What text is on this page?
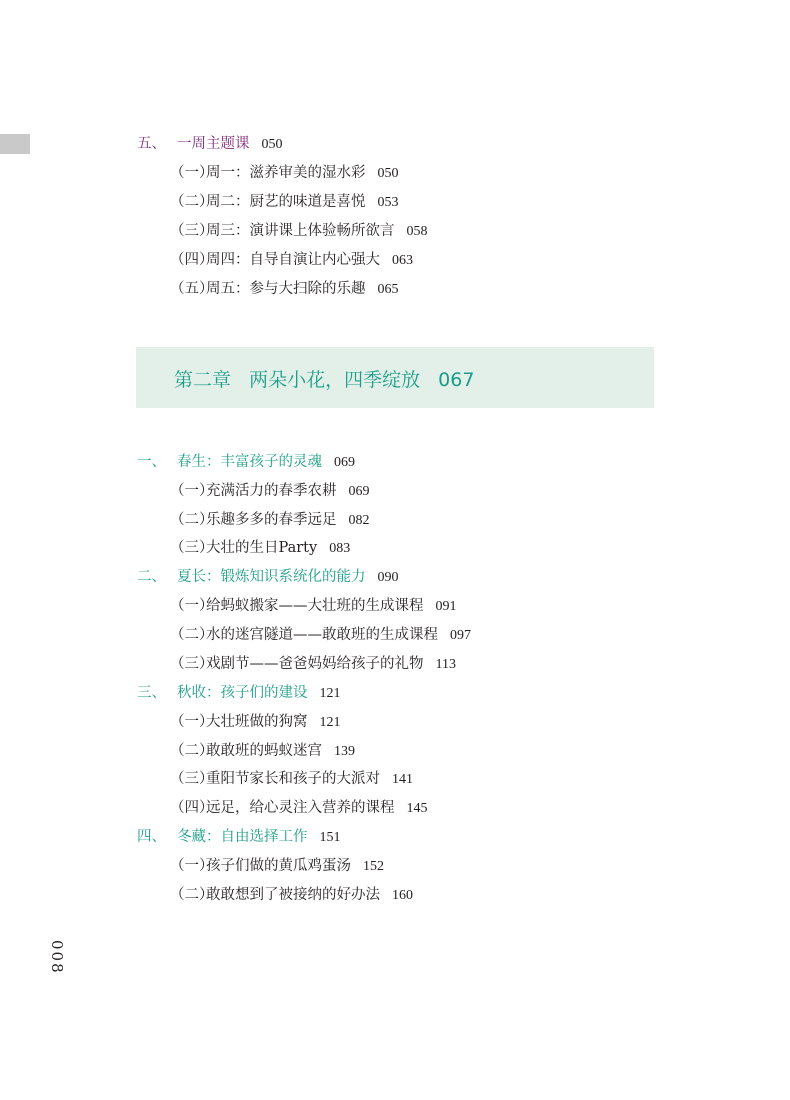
008
五、 一周主题课 050
（一）周一：滋养审美的湿水彩 050
（二）周二：厨艺的味道是喜悦 053
（三）周三：演讲课上体验畅所欲言 058
（四）周四：自导自演让内心强大 063
（五）周五：参与大扫除的乐趣 065
第二章 两朵小花，四季绽放 067
一、 春生：丰富孩子的灵魂 069
（一）充满活力的春季农耕 069
（二）乐趣多多的春季远足 082
（三）大壮的生日Party 083
二、 夏长：锻炼知识系统化的能力 090
（一）给蚂蚁搬家——大壮班的生成课程 091
（二）水的迷宫隧道——敢敢班的生成课程 097
（三）戏剧节——爸爸妈妈给孩子的礼物 113
三、 秋收：孩子们的建设 121
（一）大壮班做的狗窝 121
（二）敢敢班的蚂蚁迷宫 139
（三）重阳节家长和孩子的大派对 141
（四）远足，给心灵注入营养的课程 145
四、 冬藏：自由选择工作 151
（一）孩子们做的黄瓜鸡蛋汤 152
（二）敢敢想到了被接纳的好办法 160
